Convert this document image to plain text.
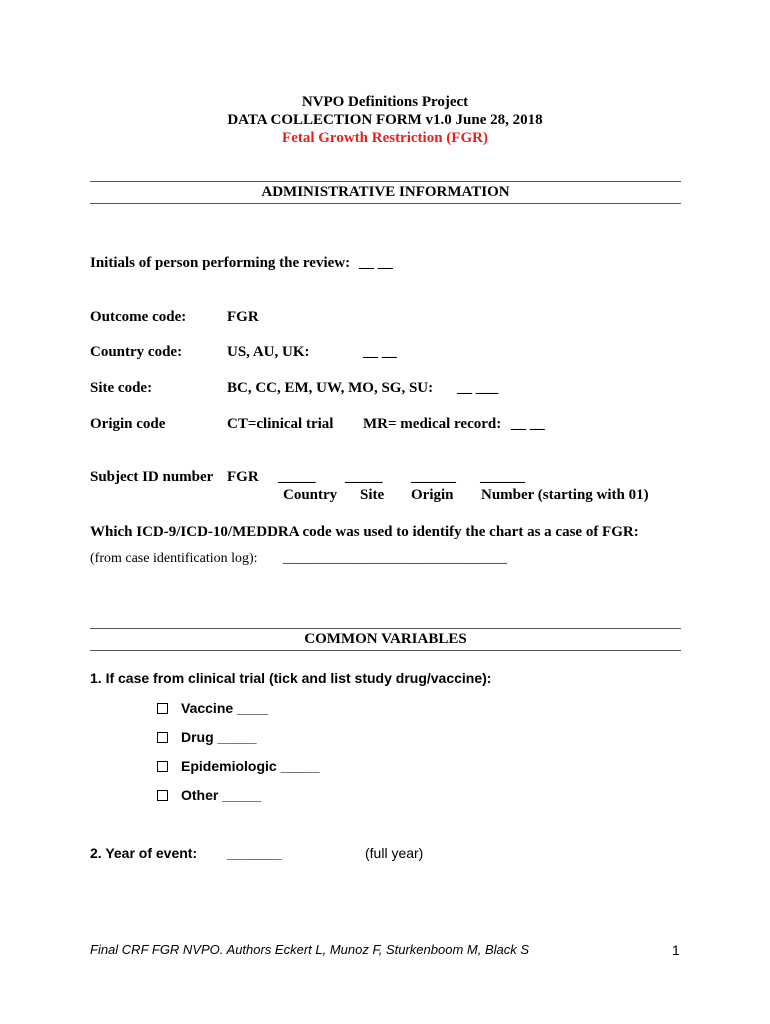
NVPO Definitions Project
DATA COLLECTION FORM v1.0 June 28, 2018
Fetal Growth Restriction (FGR)
ADMINISTRATIVE INFORMATION
Initials of person performing the review: __ __
Outcome code:	FGR
Country code:	US, AU, UK:	__ __
Site code:	BC, CC, EM, UW, MO, SG, SU: __ ___
Origin code	CT=clinical trial MR= medical record: __ __
Subject ID number FGR _____ _____ ______ ______
Country Site Origin Number (starting with 01)
Which ICD-9/ICD-10/MEDDRA code was used to identify the chart as a case of FGR:
(from case identification log): ________________________________
COMMON VARIABLES
1. If case from clinical trial (tick and list study drug/vaccine):
Vaccine ____
Drug _____
Epidemiologic _____
Other _____
2. Year of event: _______	(full year)
Final CRF FGR NVPO. Authors Eckert L, Munoz F, Sturkenboom M, Black S	1
